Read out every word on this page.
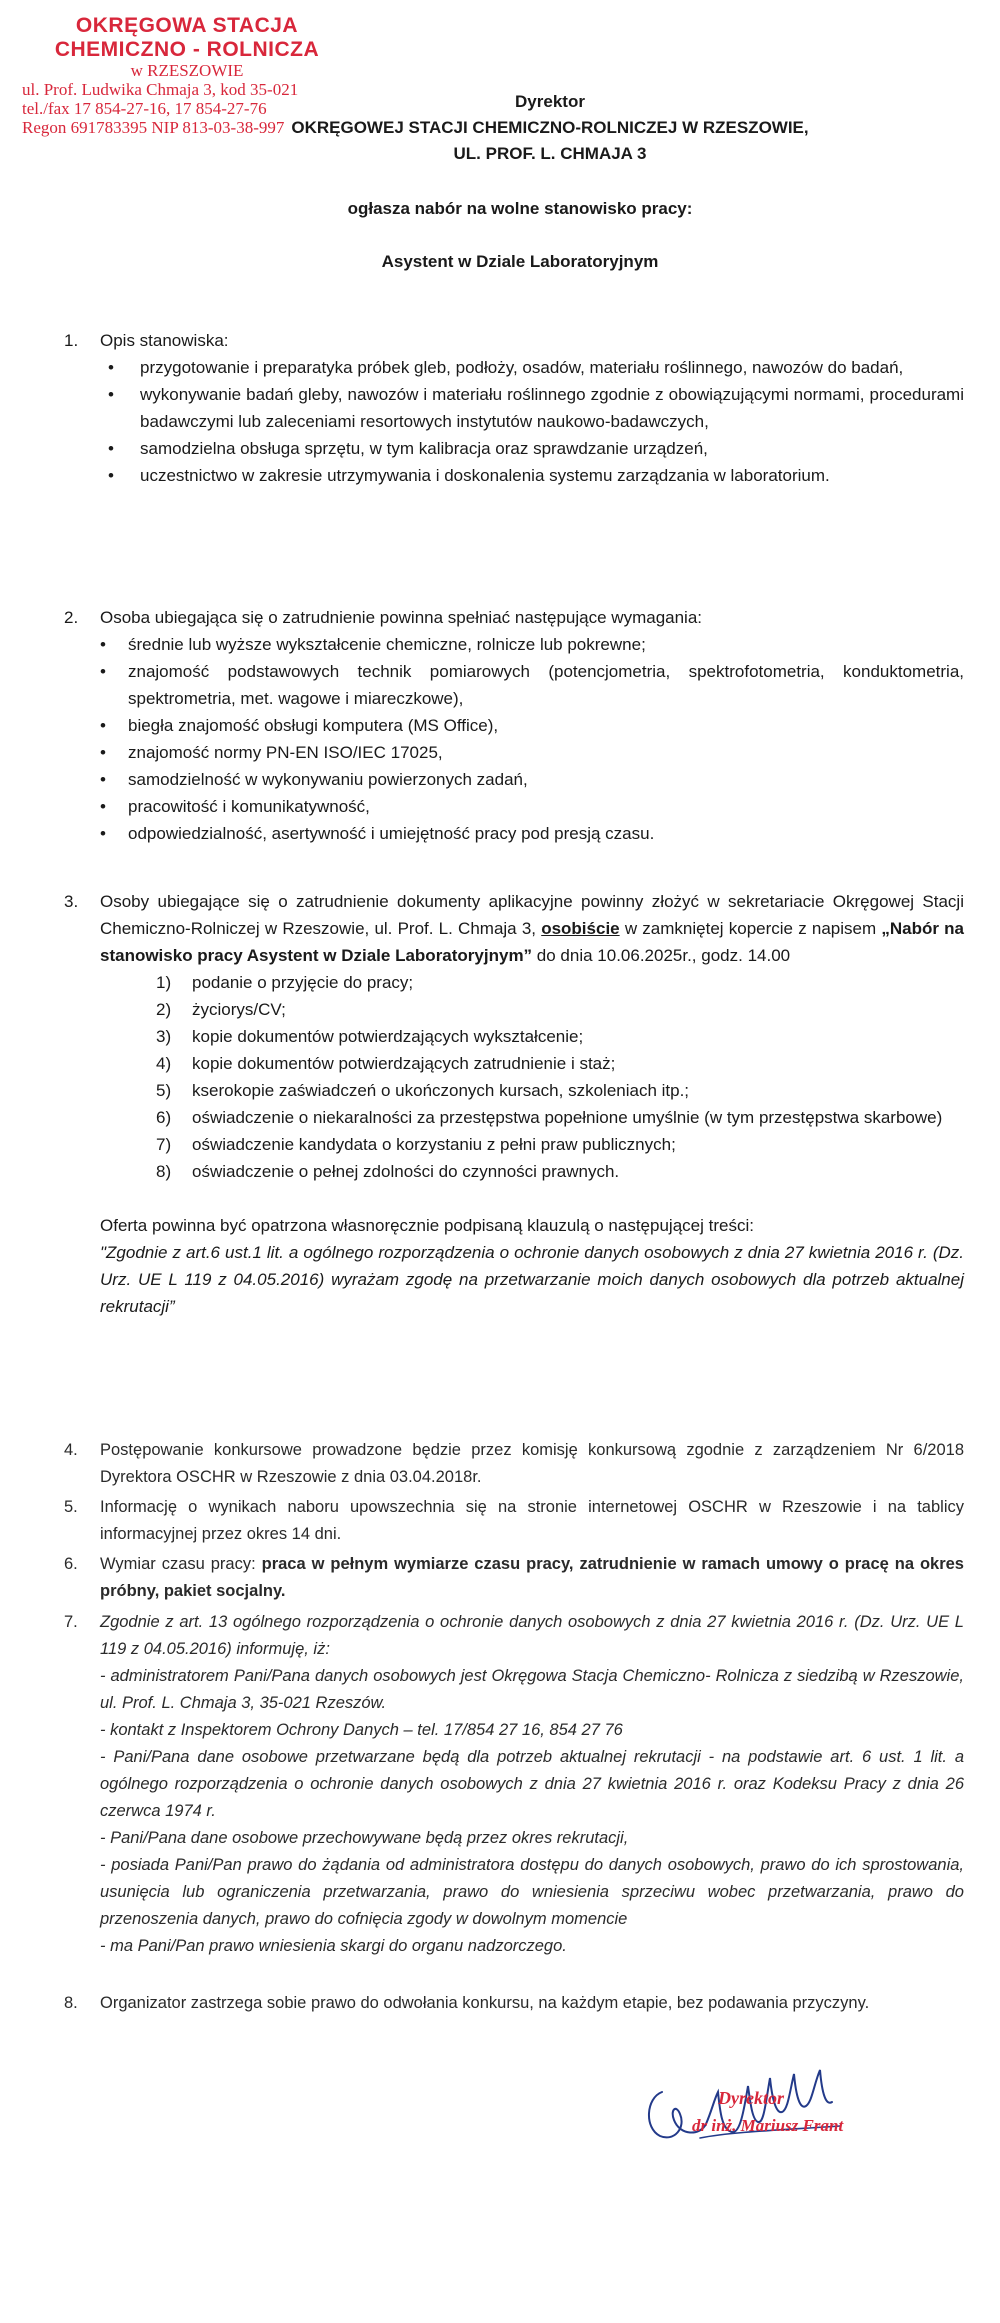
OKRĘGOWA STACJA
CHEMICZNO - ROLNICZA
w RZESZOWIE
ul. Prof. Ludwika Chmaja 3, kod 35-021
tel./fax 17 854-27-16, 17 854-27-76
Regon 691783395 NIP 813-03-38-997
Dyrektor
OKRĘGOWEJ STACJI CHEMICZNO-ROLNICZEJ W RZESZOWIE,
UL. PROF. L. CHMAJA 3
ogłasza nabór na wolne stanowisko pracy:
Asystent w Dziale Laboratoryjnym
1.	Opis stanowiska:
• przygotowanie i preparatyka próbek gleb, podłoży, osadów, materiału roślinnego, nawozów do badań,
• wykonywanie badań gleby, nawozów i materiału roślinnego zgodnie z obowiązującymi normami, procedurami badawczymi lub zaleceniami resortowych instytutów naukowo-badawczych,
• samodzielna obsługa sprzętu, w tym kalibracja oraz sprawdzanie urządzeń,
• uczestnictwo w zakresie utrzymywania i doskonalenia systemu zarządzania w laboratorium.
2.	Osoba ubiegająca się o zatrudnienie powinna spełniać następujące wymagania:
• średnie lub wyższe wykształcenie chemiczne, rolnicze lub pokrewne;
• znajomość podstawowych technik pomiarowych (potencjometria, spektrofotometria, konduktometria, spektrometria, met. wagowe i miareczkowe),
• biegła znajomość obsługi komputera (MS Office),
• znajomość normy PN-EN ISO/IEC 17025,
• samodzielność w wykonywaniu powierzonych zadań,
• pracowitość i komunikatywność,
• odpowiedzialność, asertywność i umiejętność pracy pod presją czasu.
3.	Osoby ubiegające się o zatrudnienie dokumenty aplikacyjne powinny złożyć w sekretariacie Okręgowej Stacji Chemiczno-Rolniczej w Rzeszowie, ul. Prof. L. Chmaja 3, osobiście w zamkniętej kopercie z napisem „Nabór na stanowisko pracy Asystent w Dziale Laboratoryjnym” do dnia 10.06.2025r., godz. 14.00
1) podanie o przyjęcie do pracy;
2) życiorys/CV;
3) kopie dokumentów potwierdzających wykształcenie;
4) kopie dokumentów potwierdzających zatrudnienie i staż;
5) kserokopie zaświadczeń o ukończonych kursach, szkoleniach itp.;
6) oświadczenie o niekaralności za przestępstwa popełnione umyślnie (w tym przestępstwa skarbowe)
7) oświadczenie kandydata o korzystaniu z pełni praw publicznych;
8) oświadczenie o pełnej zdolności do czynności prawnych.
Oferta powinna być opatrzona własnoręcznie podpisaną klauzulą o następującej treści:
"Zgodnie z art.6 ust.1 lit. a ogólnego rozporządzenia o ochronie danych osobowych z dnia 27 kwietnia 2016 r. (Dz. Urz. UE L 119 z 04.05.2016) wyrażam zgodę na przetwarzanie moich danych osobowych dla potrzeb aktualnej rekrutacji”
4.	Postępowanie konkursowe prowadzone będzie przez komisję konkursową zgodnie z zarządzeniem Nr 6/2018 Dyrektora OSCHR w Rzeszowie z dnia 03.04.2018r.
5.	Informację o wynikach naboru upowszechnia się na stronie internetowej OSCHR w Rzeszowie i na tablicy informacyjnej przez okres 14 dni.
6.	Wymiar czasu pracy: praca w pełnym wymiarze czasu pracy, zatrudnienie w ramach umowy o pracę na okres próbny, pakiet socjalny.
7.	Zgodnie z art. 13 ogólnego rozporządzenia o ochronie danych osobowych z dnia 27 kwietnia 2016 r. (Dz. Urz. UE L 119 z 04.05.2016) informuję, iż:
- administratorem Pani/Pana danych osobowych jest Okręgowa Stacja Chemiczno- Rolnicza z siedzibą w Rzeszowie, ul. Prof. L. Chmaja 3, 35-021 Rzeszów.
- kontakt z Inspektorem Ochrony Danych – tel. 17/854 27 16, 854 27 76
- Pani/Pana dane osobowe przetwarzane będą dla potrzeb aktualnej rekrutacji - na podstawie art. 6 ust. 1 lit. a ogólnego rozporządzenia o ochronie danych osobowych z dnia 27 kwietnia 2016 r. oraz Kodeksu Pracy z dnia 26 czerwca 1974 r.
- Pani/Pana dane osobowe przechowywane będą przez okres rekrutacji,
- posiada Pani/Pan prawo do żądania od administratora dostępu do danych osobowych, prawo do ich sprostowania, usunięcia lub ograniczenia przetwarzania, prawo do wniesienia sprzeciwu wobec przetwarzania, prawo do przenoszenia danych, prawo do cofnięcia zgody w dowolnym momencie
- ma Pani/Pan prawo wniesienia skargi do organu nadzorczego.
8.	Organizator zastrzega sobie prawo do odwołania konkursu, na każdym etapie, bez podawania przyczyny.
Dyrektor
dr inż. Mariusz Frant
